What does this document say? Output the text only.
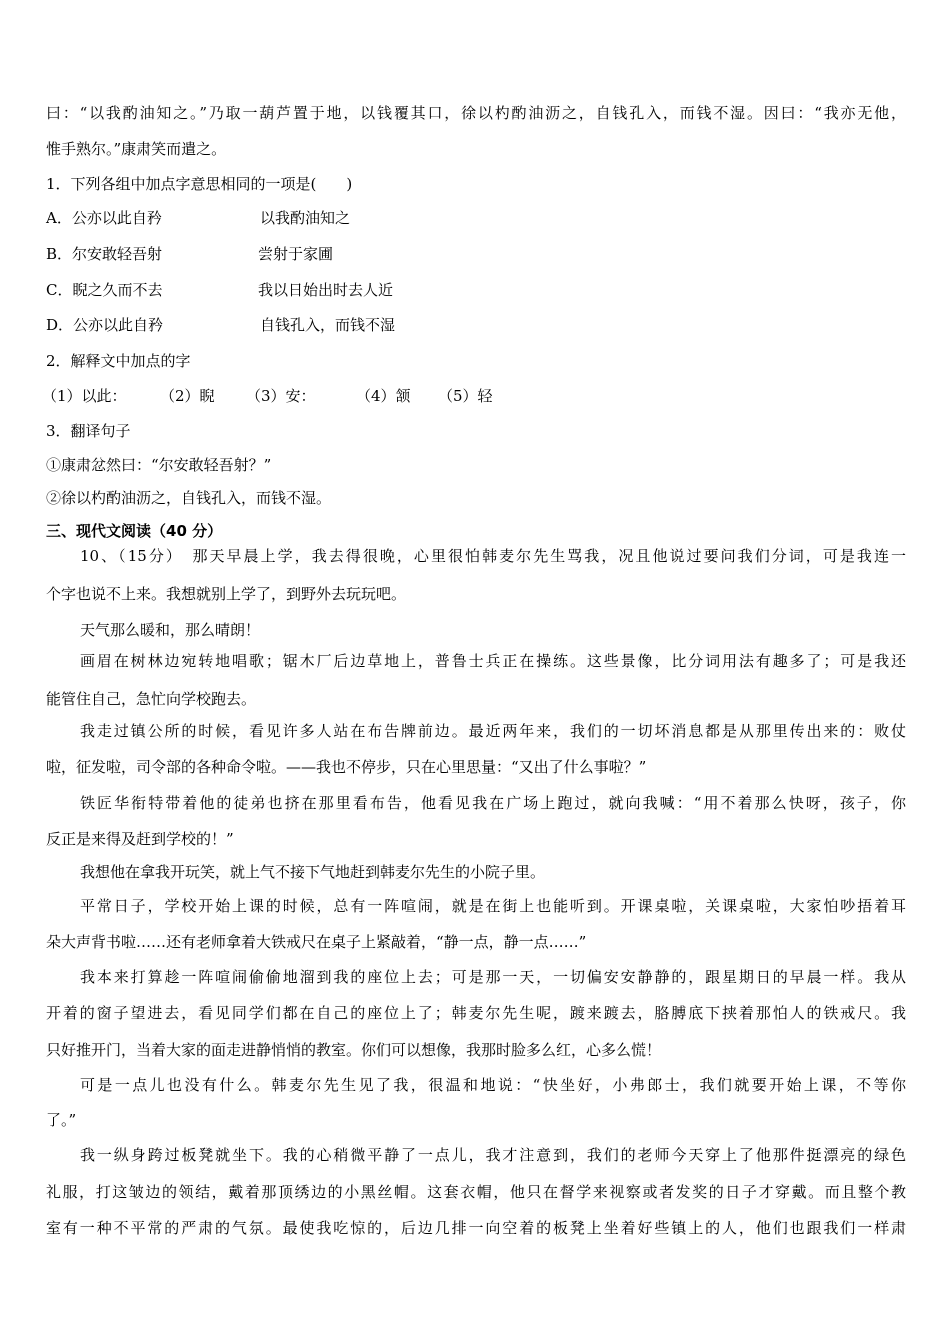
曰：“以我酌油知之。”乃取一葫芦置于地，以钱覆其口，徐以杓酌油沥之，自钱孔入，而钱不湿。因曰：“我亦无他，
惟手熟尔。”康肃笑而遣之。
1．下列各组中加点字意思相同的一项是(　　)
A．公亦以此自矜	以我酌油知之
B．尔安敢轻吾射	尝射于家圃
C．睨之久而不去	我以日始出时去人近
D．公亦以此自矜	自钱孔入，而钱不湿
2．解释文中加点的字
（1）以此： （2）睨 （3）安：	（4）颔 （5）轻
3．翻译句子
①康肃忿然曰：“尔安敢轻吾射？”
②徐以杓酌油沥之，自钱孔入，而钱不湿。
三、现代文阅读（40 分）
10、（15分）　那天早晨上学，我去得很晚，心里很怕韩麦尔先生骂我，况且他说过要问我们分词，可是我连一
个字也说不上来。我想就别上学了，到野外去玩玩吧。
天气那么暖和，那么晴朗！
画眉在树林边宛转地唱歌；锯木厂后边草地上，普鲁士兵正在操练。这些景像，比分词用法有趣多了；可是我还
能管住自己，急忙向学校跑去。
我走过镇公所的时候，看见许多人站在布告牌前边。最近两年来，我们的一切坏消息都是从那里传出来的：败仗
啦，征发啦，司令部的各种命令啦。——我也不停步，只在心里思量：“又出了什么事啦？”
铁匠华衔特带着他的徒弟也挤在那里看布告，他看见我在广场上跑过，就向我喊：“用不着那么快呀，孩子，你
反正是来得及赶到学校的！”
我想他在拿我开玩笑，就上气不接下气地赶到韩麦尔先生的小院子里。
平常日子，学校开始上课的时候，总有一阵喧闹，就是在街上也能听到。开课桌啦，关课桌啦，大家怕吵捂着耳
朵大声背书啦……还有老师拿着大铁戒尺在桌子上紧敲着，“静一点，静一点……”
我本来打算趁一阵喧闹偷偷地溜到我的座位上去；可是那一天，一切偏安安静静的，跟星期日的早晨一样。我从
开着的窗子望进去，看见同学们都在自己的座位上了；韩麦尔先生呢，踱来踱去，胳膊底下挟着那怕人的铁戒尺。我
只好推开门，当着大家的面走进静悄悄的教室。你们可以想像，我那时脸多么红，心多么慌！
可是一点儿也没有什么。韩麦尔先生见了我，很温和地说：“快坐好，小弗郎士，我们就要开始上课，不等你
了。”
我一纵身跨过板凳就坐下。我的心稍微平静了一点儿，我才注意到，我们的老师今天穿上了他那件挺漂亮的绿色
礼服，打这皱边的领结，戴着那顶绣边的小黑丝帽。这套衣帽，他只在督学来视察或者发奖的日子才穿戴。而且整个教
室有一种不平常的严肃的气氛。最使我吃惊的，后边几排一向空着的板凳上坐着好些镇上的人，他们也跟我们一样肃
